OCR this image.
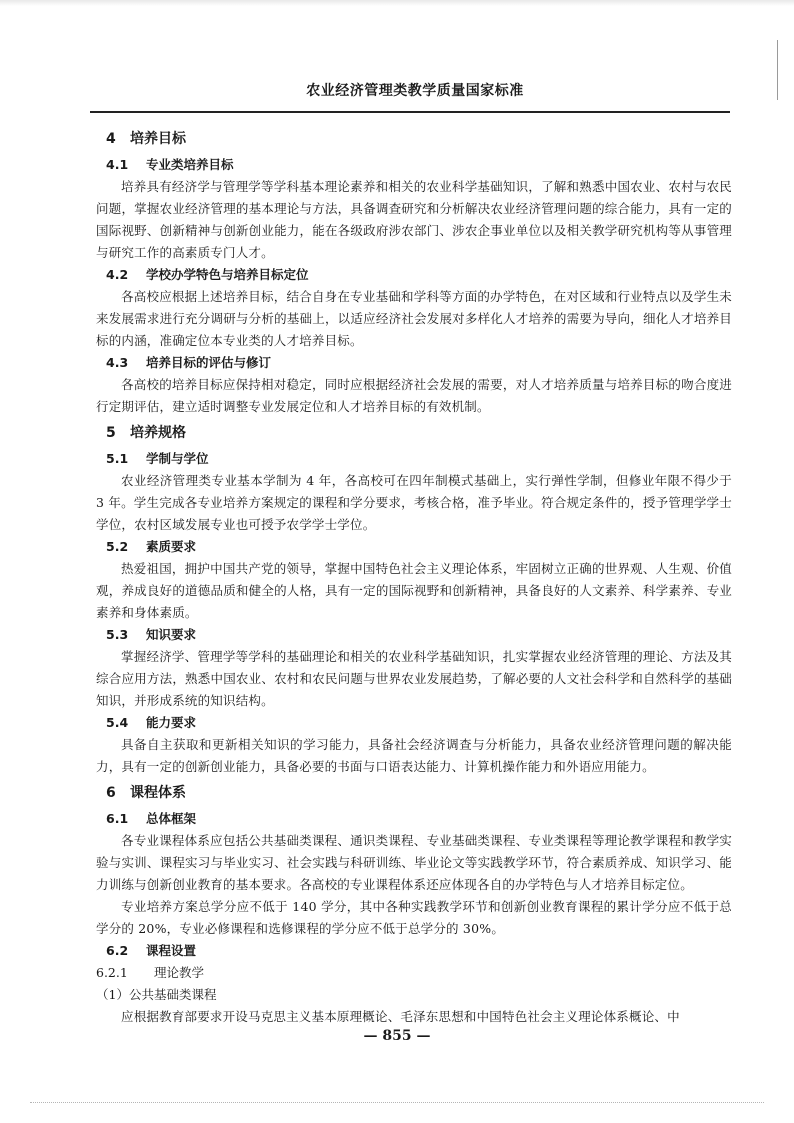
农业经济管理类教学质量国家标准
4 培养目标
4.1 专业类培养目标

培养具有经济学与管理学等学科基本理论素养和相关的农业科学基础知识，了解和熟悉中国农业、农村与农民问题，掌握农业经济管理的基本理论与方法，具备调查研究和分析解决农业经济管理问题的综合能力，具有一定的国际视野、创新精神与创新创业能力，能在各级政府涉农部门、涉农企事业单位以及相关教学研究机构等从事管理与研究工作的高素质专门人才。

4.2 学校办学特色与培养目标定位

各高校应根据上述培养目标，结合自身在专业基础和学科等方面的办学特色，在对区域和行业特点以及学生未来发展需求进行充分调研与分析的基础上，以适应经济社会发展对多样化人才培养的需要为导向，细化人才培养目标的内涵，准确定位本专业类的人才培养目标。

4.3 培养目标的评估与修订

各高校的培养目标应保持相对稳定，同时应根据经济社会发展的需要，对人才培养质量与培养目标的吻合度进行定期评估，建立适时调整专业发展定位和人才培养目标的有效机制。

5 培养规格
5.1 学制与学位

农业经济管理类专业基本学制为 4 年，各高校可在四年制模式基础上，实行弹性学制，但修业年限不得少于 3 年。学生完成各专业培养方案规定的课程和学分要求，考核合格，准予毕业。符合规定条件的，授予管理学学士学位，农村区域发展专业也可授予农学学士学位。

5.2 素质要求

热爱祖国，拥护中国共产党的领导，掌握中国特色社会主义理论体系，牢固树立正确的世界观、人生观、价值观，养成良好的道德品质和健全的人格，具有一定的国际视野和创新精神，具备良好的人文素养、科学素养、专业素养和身体素质。

5.3 知识要求

掌握经济学、管理学等学科的基础理论和相关的农业科学基础知识，扎实掌握农业经济管理的理论、方法及其综合应用方法，熟悉中国农业、农村和农民问题与世界农业发展趋势，了解必要的人文社会科学和自然科学的基础知识，并形成系统的知识结构。

5.4 能力要求

具备自主获取和更新相关知识的学习能力，具备社会经济调查与分析能力，具备农业经济管理问题的解决能力，具有一定的创新创业能力，具备必要的书面与口语表达能力、计算机操作能力和外语应用能力。

6 课程体系
6.1 总体框架

各专业课程体系应包括公共基础类课程、通识类课程、专业基础类课程、专业类课程等理论教学课程和教学实验与实训、课程实习与毕业实习、社会实践与科研训练、毕业论文等实践教学环节，符合素质养成、知识学习、能力训练与创新创业教育的基本要求。各高校的专业课程体系还应体现各自的办学特色与人才培养目标定位。

专业培养方案总学分应不低于 140 学分，其中各种实践教学环节和创新创业教育课程的累计学分应不低于总学分的 20%，专业必修课程和选修课程的学分应不低于总学分的 30%。

6.2 课程设置
6.2.1 理论教学
（1）公共基础类课程

应根据教育部要求开设马克思主义基本原理概论、毛泽东思想和中国特色社会主义理论体系概论、中

— 855 —
